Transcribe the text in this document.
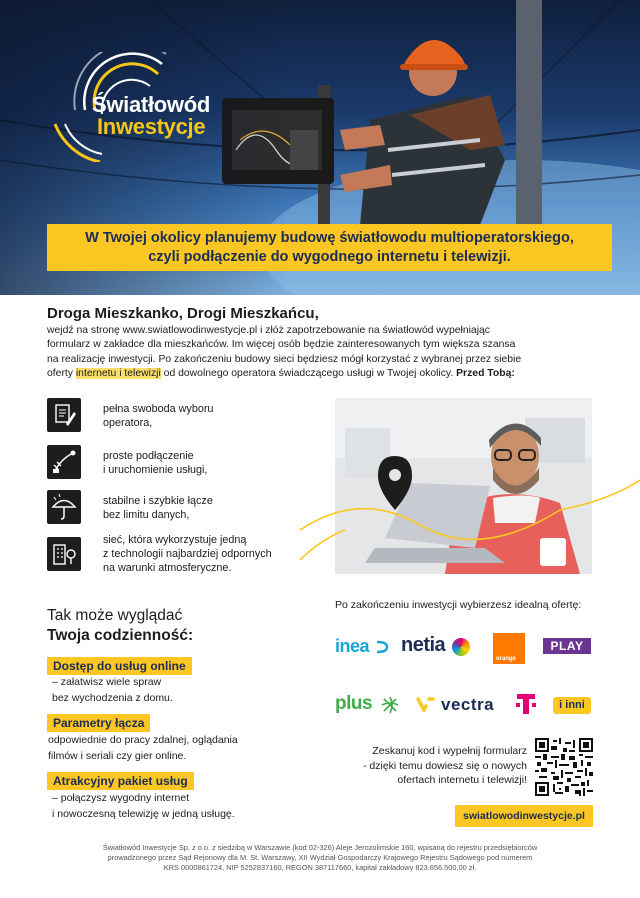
Światłowód
Inwestycje
W Twojej okolicy planujemy budowę światłowodu multioperatorskiego,
czyli podłączenie do wygodnego internetu i telewizji.
Droga Mieszkanko, Drogi Mieszkańcu,
wejdź na stronę www.swiatlowodinwestycje.pl i złóż zapotrzebowanie na światłowód wypełniając
formularz w zakładce dla mieszkańców. Im więcej osób będzie zainteresowanych tym większa szansa
na realizację inwestycji. Po zakończeniu budowy sieci będziesz mógł korzystać z wybranej przez siebie
oferty internetu i telewizji od dowolnego operatora świadczącego usługi w Twojej okolicy. Przed Tobą:
pełna swoboda wyboru
operatora,
proste podłączenie
i uruchomienie usługi,
stabilne i szybkie łącze
bez limitu danych,
sieć, która wykorzystuje jedną
z technologii najbardziej odpornych
na warunki atmosferyczne.
Tak może wyglądać
Twoja codzienność:
Dostęp do usług online
– załatwisz wiele spraw
bez wychodzenia z domu.
Parametry łącza
odpowiednie do pracy zdalnej, oglądania
filmów i seriali czy gier online.
Atrakcyjny pakiet usług
– połączysz wygodny internet
i nowoczesną telewizję w jedną usługę.
Po zakończeniu inwestycji wybierzesz idealną ofertę:
inea netia
orange
PLAY
plus	vectra	i inni
Zeskanuj kod i wypełnij formularz
- dzięki temu dowiesz się o nowych
ofertach internetu i telewizji!
swiatlowodinwestycje.pl
Światłowód Inwestycje Sp. z o.o. z siedzibą w Warszawie (kod 02-326) Aleje Jerozolimskie 160, wpisaną do rejestru przedsiębiorców
prowadzonego przez Sąd Rejonowy dla M. St. Warszawy, XII Wydział Gospodarczy Krajowego Rejestru Sądowego pod numerem
KRS 0000861724, NIP 5252837160, REGON 387117660, kapitał zakładowy 823.656.500,00 zł.
